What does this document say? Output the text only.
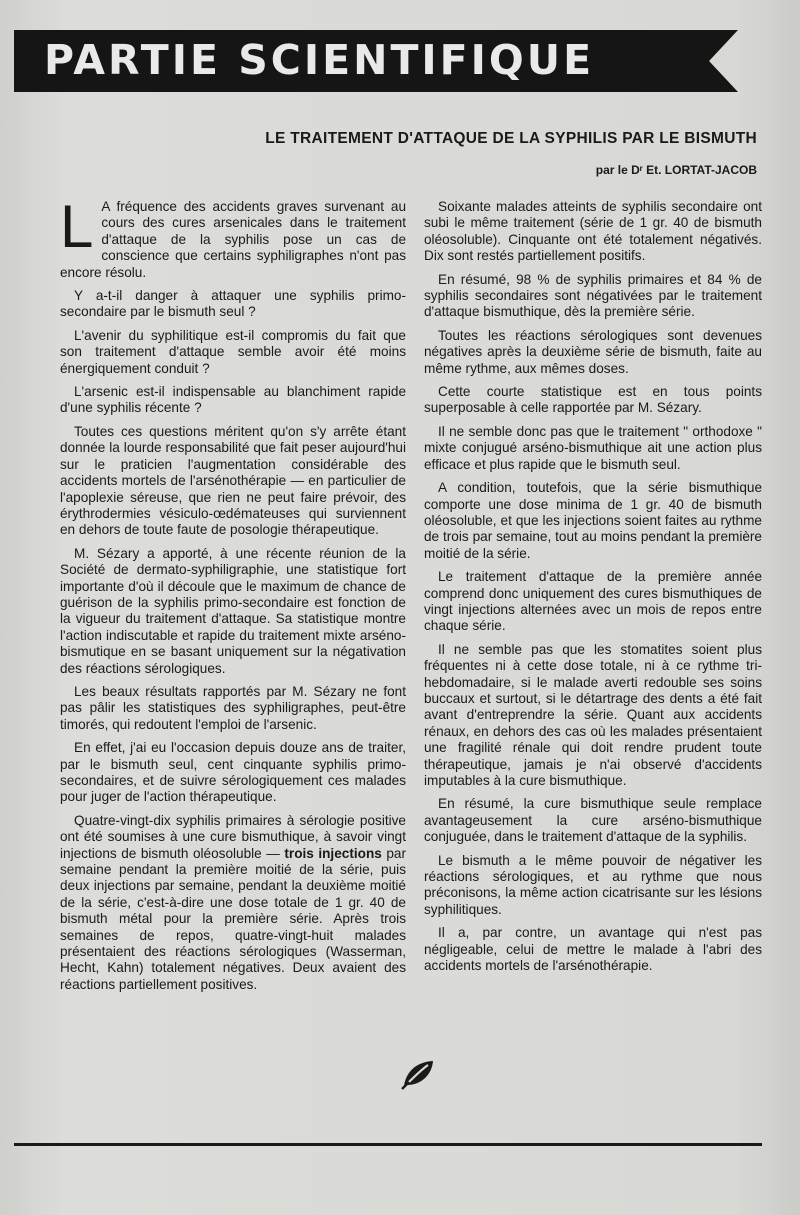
PARTIE SCIENTIFIQUE
LE TRAITEMENT D'ATTAQUE DE LA SYPHILIS PAR LE BISMUTH
par le Dʳ Et. LORTAT-JACOB

L A fréquence des accidents graves survenant au cours des cures arsenicales dans le traitement d'attaque de la syphilis pose un cas de conscience que certains syphiligraphes n'ont pas encore résolu.

Y a-t-il danger à attaquer une syphilis primo-secondaire par le bismuth seul ?

L'avenir du syphilitique est-il compromis du fait que son traitement d'attaque semble avoir été moins énergiquement conduit ?

L'arsenic est-il indispensable au blanchiment rapide d'une syphilis récente ?

Toutes ces questions méritent qu'on s'y arrête étant donnée la lourde responsabilité que fait peser aujourd'hui sur le praticien l'augmentation considérable des accidents mortels de l'arsénothérapie — en particulier de l'apoplexie séreuse, que rien ne peut faire prévoir, des érythrodermies vésiculo-œdémateuses qui surviennent en dehors de toute faute de posologie thérapeutique.

M. Sézary a apporté, à une récente réunion de la Société de dermato-syphiligraphie, une statistique fort importante d'où il découle que le maximum de chance de guérison de la syphilis primo-secondaire est fonction de la vigueur du traitement d'attaque. Sa statistique montre l'action indiscutable et rapide du traitement mixte arséno-bismutique en se basant uniquement sur la négativation des réactions sérologiques.

Les beaux résultats rapportés par M. Sézary ne font pas pâlir les statistiques des syphiligraphes, peut-être timorés, qui redoutent l'emploi de l'arsenic.

En effet, j'ai eu l'occasion depuis douze ans de traiter, par le bismuth seul, cent cinquante syphilis primo-secondaires, et de suivre sérologiquement ces malades pour juger de l'action thérapeutique.

Quatre-vingt-dix syphilis primaires à sérologie positive ont été soumises à une cure bismuthique, à savoir vingt injections de bismuth oléosoluble — trois injections par semaine pendant la première moitié de la série, puis deux injections par semaine, pendant la deuxième moitié de la série, c'est-à-dire une dose totale de 1 gr. 40 de bismuth métal pour la première série. Après trois semaines de repos, quatre-vingt-huit malades présentaient des réactions sérologiques (Wasserman, Hecht, Kahn) totalement négatives. Deux avaient des réactions partiellement positives.

Soixante malades atteints de syphilis secondaire ont subi le même traitement (série de 1 gr. 40 de bismuth oléosoluble). Cinquante ont été totalement négativés. Dix sont restés partiellement positifs.

En résumé, 98 % de syphilis primaires et 84 % de syphilis secondaires sont négativées par le traitement d'attaque bismuthique, dès la première série.

Toutes les réactions sérologiques sont devenues négatives après la deuxième série de bismuth, faite au même rythme, aux mêmes doses.

Cette courte statistique est en tous points superposable à celle rapportée par M. Sézary.

Il ne semble donc pas que le traitement " orthodoxe " mixte conjugué arséno-bismuthique ait une action plus efficace et plus rapide que le bismuth seul.

A condition, toutefois, que la série bismuthique comporte une dose minima de 1 gr. 40 de bismuth oléosoluble, et que les injections soient faites au rythme de trois par semaine, tout au moins pendant la première moitié de la série.

Le traitement d'attaque de la première année comprend donc uniquement des cures bismuthiques de vingt injections alternées avec un mois de repos entre chaque série.

Il ne semble pas que les stomatites soient plus fréquentes ni à cette dose totale, ni à ce rythme tri-hebdomadaire, si le malade averti redouble ses soins buccaux et surtout, si le détartrage des dents a été fait avant d'entreprendre la série. Quant aux accidents rénaux, en dehors des cas où les malades présentaient une fragilité rénale qui doit rendre prudent toute thérapeutique, jamais je n'ai observé d'accidents imputables à la cure bismuthique.

En résumé, la cure bismuthique seule remplace avantageusement la cure arséno-bismuthique conjuguée, dans le traitement d'attaque de la syphilis.

Le bismuth a le même pouvoir de négativer les réactions sérologiques, et au rythme que nous préconisons, la même action cicatrisante sur les lésions syphilitiques.

Il a, par contre, un avantage qui n'est pas négligeable, celui de mettre le malade à l'abri des accidents mortels de l'arsénothérapie.
